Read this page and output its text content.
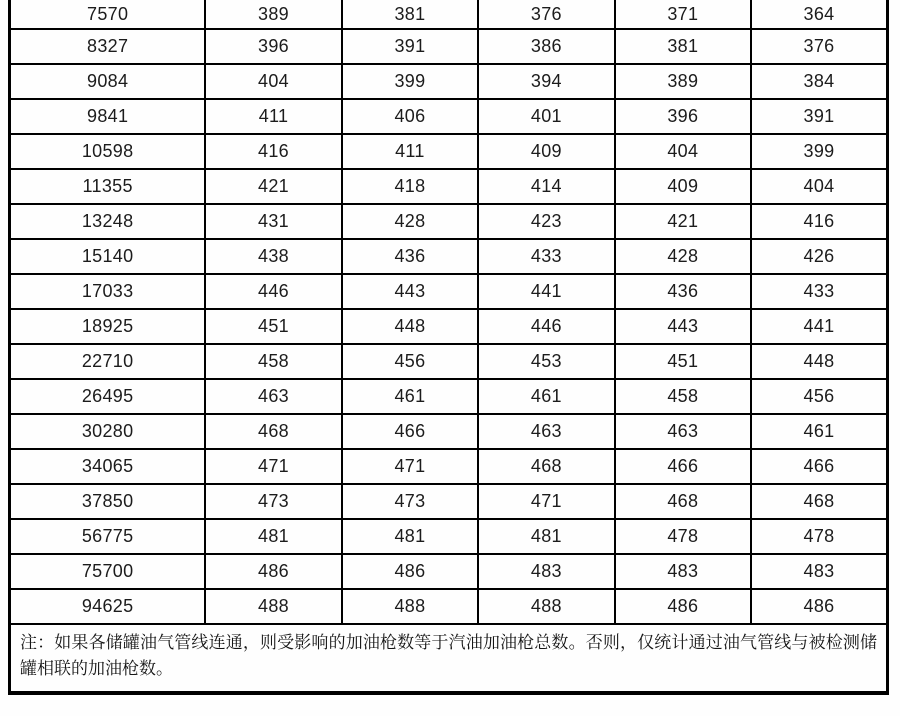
7570	389	381	376	371	364
8327	396	391	386	381	376
9084	404	399	394	389	384
9841	411	406	401	396	391
10598	416	411	409	404	399
11355	421	418	414	409	404
13248	431	428	423	421	416
15140	438	436	433	428	426
17033	446	443	441	436	433
18925	451	448	446	443	441
22710	458	456	453	451	448
26495	463	461	461	458	456
30280	468	466	463	463	461
34065	471	471	468	466	466
37850	473	473	471	468	468
56775	481	481	481	478	478
75700	486	486	483	483	483
94625	488	488	488	486	486
注：如果各储罐油气管线连通，则受影响的加油枪数等于汽油加油枪总数。否则，仅统计通过油气管线与被检测储罐相联的加油枪数。
